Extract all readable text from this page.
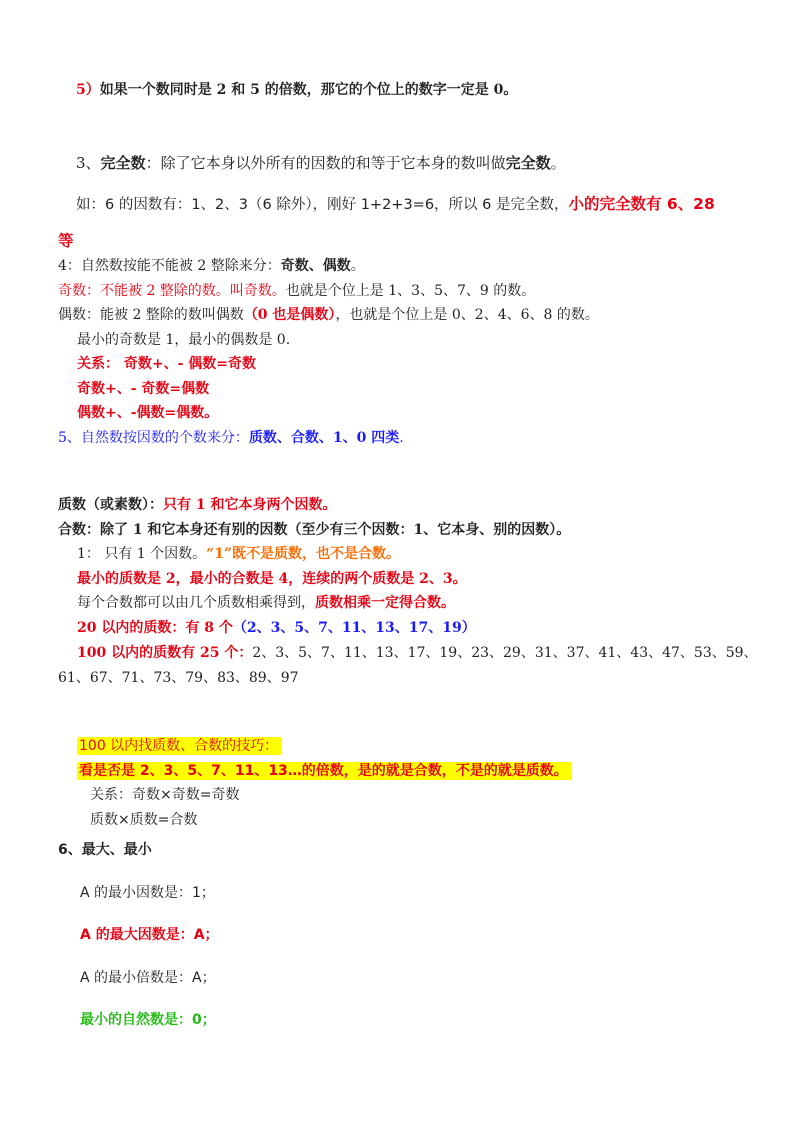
5）如果一个数同时是 2 和 5 的倍数，那它的个位上的数字一定是 0。
3、完全数：除了它本身以外所有的因数的和等于它本身的数叫做完全数。
如：6 的因数有：1、2、3（6 除外），刚好 1+2+3=6，所以 6 是完全数，小的完全数有 6、28
等
4：自然数按能不能被 2 整除来分：奇数、偶数。
奇数：不能被 2 整除的数。叫奇数。也就是个位上是 1、3、5、7、9 的数。
偶数：能被 2 整除的数叫偶数（0 也是偶数），也就是个位上是 0、2、4、6、8 的数。
最小的奇数是 1，最小的偶数是 0.
关系： 奇数+、- 偶数=奇数
奇数+、- 奇数=偶数
偶数+、-偶数=偶数。
5、自然数按因数的个数来分：质数、合数、1、0 四类.
质数（或素数）：只有 1 和它本身两个因数。
合数：除了 1 和它本身还有别的因数（至少有三个因数：1、它本身、别的因数）。
1： 只有 1 个因数。“1”既不是质数，也不是合数。
最小的质数是 2，最小的合数是 4，连续的两个质数是 2、3。
每个合数都可以由几个质数相乘得到，质数相乘一定得合数。
20 以内的质数：有 8 个（2、3、5、7、11、13、17、19）
100 以内的质数有 25 个：2、3、5、7、11、13、17、19、23、29、31、37、41、43、47、53、59、
61、67、71、73、79、83、89、97
100 以内找质数、合数的技巧：
看是否是 2、3、5、7、11、13…的倍数，是的就是合数，不是的就是质数。
关系：奇数×奇数=奇数
质数×质数=合数
6、最大、最小
A 的最小因数是：1；
A 的最大因数是：A；
A 的最小倍数是：A；
最小的自然数是：0；
